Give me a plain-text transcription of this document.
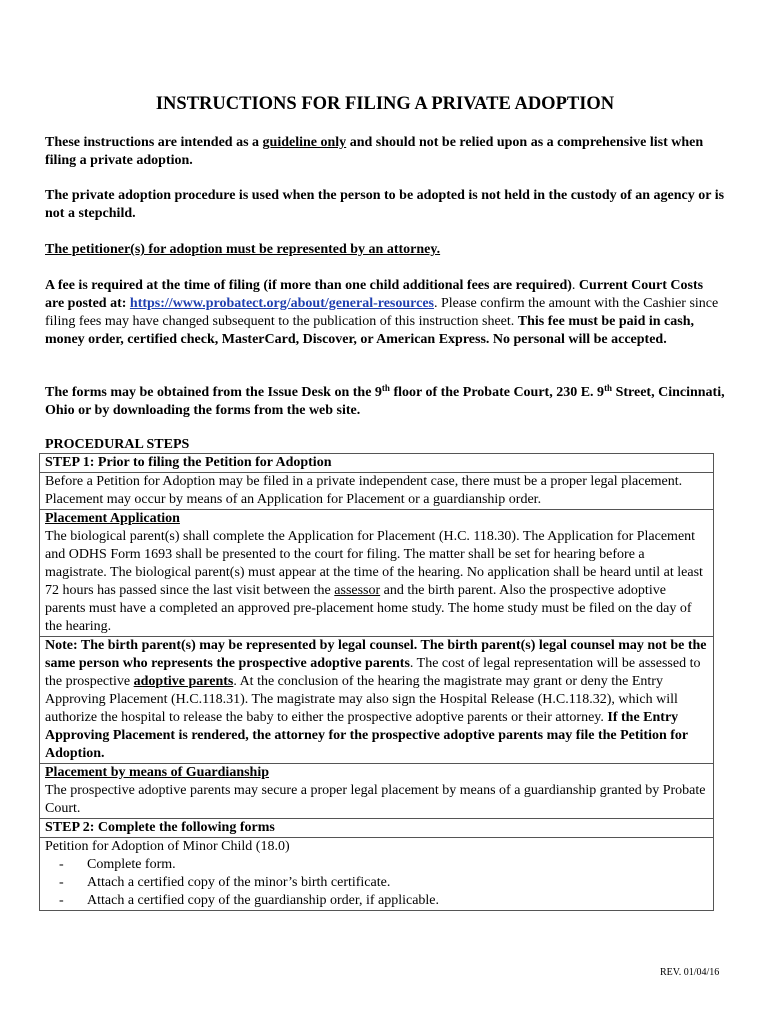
INSTRUCTIONS FOR FILING A PRIVATE ADOPTION
These instructions are intended as a guideline only and should not be relied upon as a comprehensive list when filing a private adoption.
The private adoption procedure is used when the person to be adopted is not held in the custody of an agency or is not a stepchild.
The petitioner(s) for adoption must be represented by an attorney.
A fee is required at the time of filing (if more than one child additional fees are required). Current Court Costs are posted at: https://www.probatect.org/about/general-resources. Please confirm the amount with the Cashier since filing fees may have changed subsequent to the publication of this instruction sheet. This fee must be paid in cash, money order, certified check, MasterCard, Discover, or American Express. No personal will be accepted.
The forms may be obtained from the Issue Desk on the 9th floor of the Probate Court, 230 E. 9th Street, Cincinnati, Ohio or by downloading the forms from the web site.
PROCEDURAL STEPS
STEP 1: Prior to filing the Petition for Adoption
Before a Petition for Adoption may be filed in a private independent case, there must be a proper legal placement. Placement may occur by means of an Application for Placement or a guardianship order.

Placement Application
The biological parent(s) shall complete the Application for Placement (H.C. 118.30). The Application for Placement and ODHS Form 1693 shall be presented to the court for filing. The matter shall be set for hearing before a magistrate. The biological parent(s) must appear at the time of the hearing. No application shall be heard until at least 72 hours has passed since the last visit between the assessor and the birth parent. Also the prospective adoptive parents must have a completed an approved pre-placement home study. The home study must be filed on the day of the hearing.

Note: The birth parent(s) may be represented by legal counsel. The birth parent(s) legal counsel may not be the same person who represents the prospective adoptive parents. The cost of legal representation will be assessed to the prospective adoptive parents. At the conclusion of the hearing the magistrate may grant or deny the Entry Approving Placement (H.C.118.31). The magistrate may also sign the Hospital Release (H.C.118.32), which will authorize the hospital to release the baby to either the prospective adoptive parents or their attorney. If the Entry Approving Placement is rendered, the attorney for the prospective adoptive parents may file the Petition for Adoption.

Placement by means of Guardianship
The prospective adoptive parents may secure a proper legal placement by means of a guardianship granted by Probate Court.

STEP 2: Complete the following forms

Petition for Adoption of Minor Child (18.0)
- Complete form.
- Attach a certified copy of the minor’s birth certificate.
- Attach a certified copy of the guardianship order, if applicable.
REV. 01/04/16
